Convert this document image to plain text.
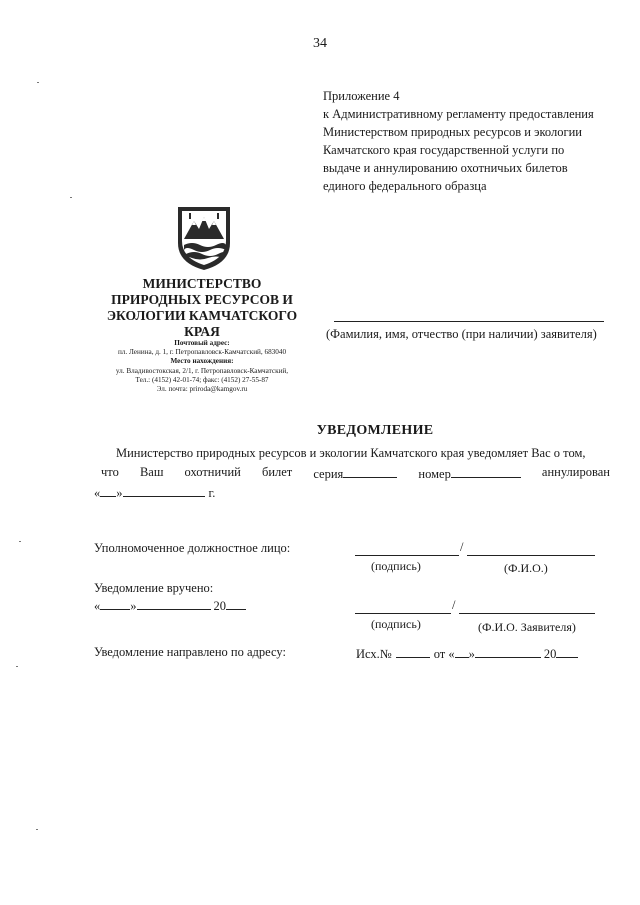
34
Приложение 4
к Административному регламенту предоставления
Министерством природных ресурсов и экологии
Камчатского края государственной услуги по
выдаче и аннулированию охотничьих билетов
единого федерального образца
МИНИСТЕРСТВО
ПРИРОДНЫХ РЕСУРСОВ И
ЭКОЛОГИИ КАМЧАТСКОГО
КРАЯ
Почтовый адрес:
пл. Ленина, д. 1, г. Петропавловск-Камчатский, 683040
Место нахождения:
ул. Владивостокская, 2/1, г. Петропавловск-Камчатский,
Тел.: (4152) 42-01-74; факс: (4152) 27-55-87
Эл. почта: priroda@kamgov.ru
(Фамилия, имя, отчество (при наличии) заявителя)
УВЕДОМЛЕНИЕ
Министерство природных ресурсов и экологии Камчатского края уведомляет Вас о том,
что Ваш охотничий билет серия	номер	аннулирован
« »	г.
Уполномоченное должностное лицо:	/
(подпись)	(Ф.И.О.)
Уведомление вручено:
« »	20	/
(подпись)	(Ф.И.О. Заявителя)
Уведомление направлено по адресу:	Исх.№	от « »	20
